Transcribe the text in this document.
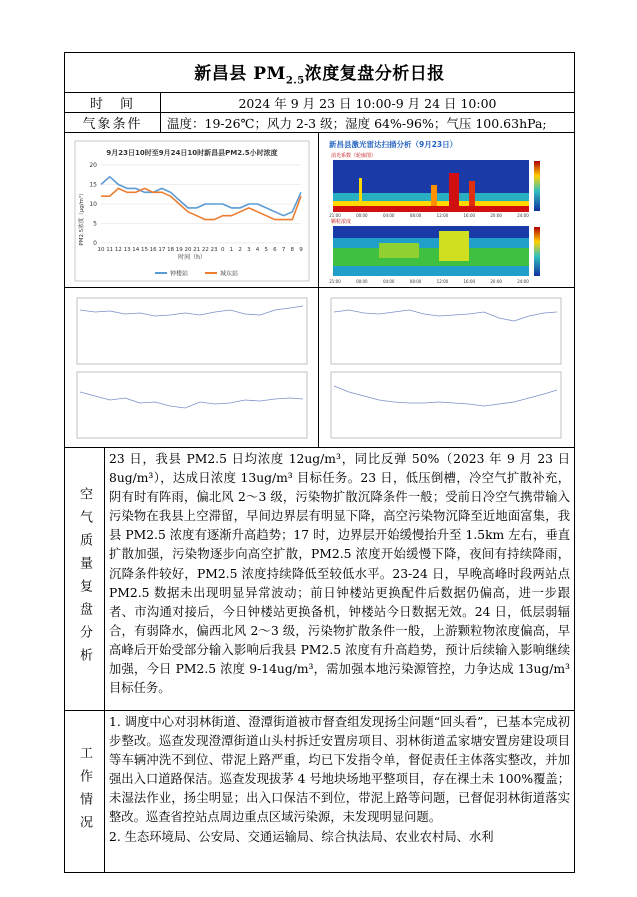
新昌县 $PM_{2.5}$浓度复盘分析日报
时　间	2024 年 9 月 23 日 10:00-9 月 24 日 10:00
气象条件	温度：19-26℃；风力 2-3 级；湿度 64%-96%；气压 100.63hPa;
9月23日10时至9月24日10时新昌县PM2.5小时浓度
PM2.5浓度（μg/m³）
时间（h）
0
5
10
15
20
10 11 12 13 14 15 16 17 18 19 20 21 22 23 0 1 2 3 4 5 6 7 8 9
钟楼站	城东站
新昌县激光雷达扫描分析（9月23日）
消光系数（轮廓图）
颗粒浓度
21:00
21:00
00:00
00:00
04:00
04:00
08:00
08:00
12:00
12:00
16:00
16:00
20:00
20:00
24:00
24:00
空气质量复盘分析
23 日，我县 PM2.5 日均浓度 12ug/m³，同比反弹 50%（2023 年 9 月 23 日 8ug/m³），达成日浓度 13ug/m³ 目标任务。23 日，低压倒槽，冷空气扩散补充，阴有时有阵雨，偏北风 2～3 级，污染物扩散沉降条件一般；受前日冷空气携带输入污染物在我县上空滞留，早间边界层有明显下降，高空污染物沉降至近地面富集，我县 PM2.5 浓度有逐渐升高趋势；17 时，边界层开始缓慢抬升至 1.5km 左右，垂直扩散加强，污染物逐步向高空扩散，PM2.5 浓度开始缓慢下降，夜间有持续降雨，沉降条件较好，PM2.5 浓度持续降低至较低水平。23-24 日，早晚高峰时段两站点 PM2.5 数据未出现明显异常波动；前日钟楼站更换配件后数据仍偏高，进一步跟者、市沟通对接后，今日钟楼站更换备机，钟楼站今日数据无效。24 日，低层弱辐合，有弱降水，偏西北风 2～3 级，污染物扩散条件一般，上游颗粒物浓度偏高，早高峰后开始受部分输入影响后我县 PM2.5 浓度有升高趋势，预计后续输入影响继续加强，今日 PM2.5 浓度 9-14ug/m³，需加强本地污染源管控，力争达成 13ug/m³ 目标任务。
工作情况
1. 调度中心对羽林街道、澄潭街道被市督查组发现扬尘问题“回头看”，已基本完成初步整改。巡查发现澄潭街道山头村拆迁安置房项目、羽林街道孟家塘安置房建设项目等车辆冲洗不到位、带泥上路严重，均已下发指令单，督促责任主体落实整改，并加强出入口道路保洁。巡查发现拔茅 4 号地块场地平整项目，存在裸土未 100%覆盖；未湿法作业，扬尘明显；出入口保洁不到位，带泥上路等问题，已督促羽林街道落实整改。巡查省控站点周边重点区域污染源，未发现明显问题。
2. 生态环境局、公安局、交通运输局、综合执法局、农业农村局、水利
